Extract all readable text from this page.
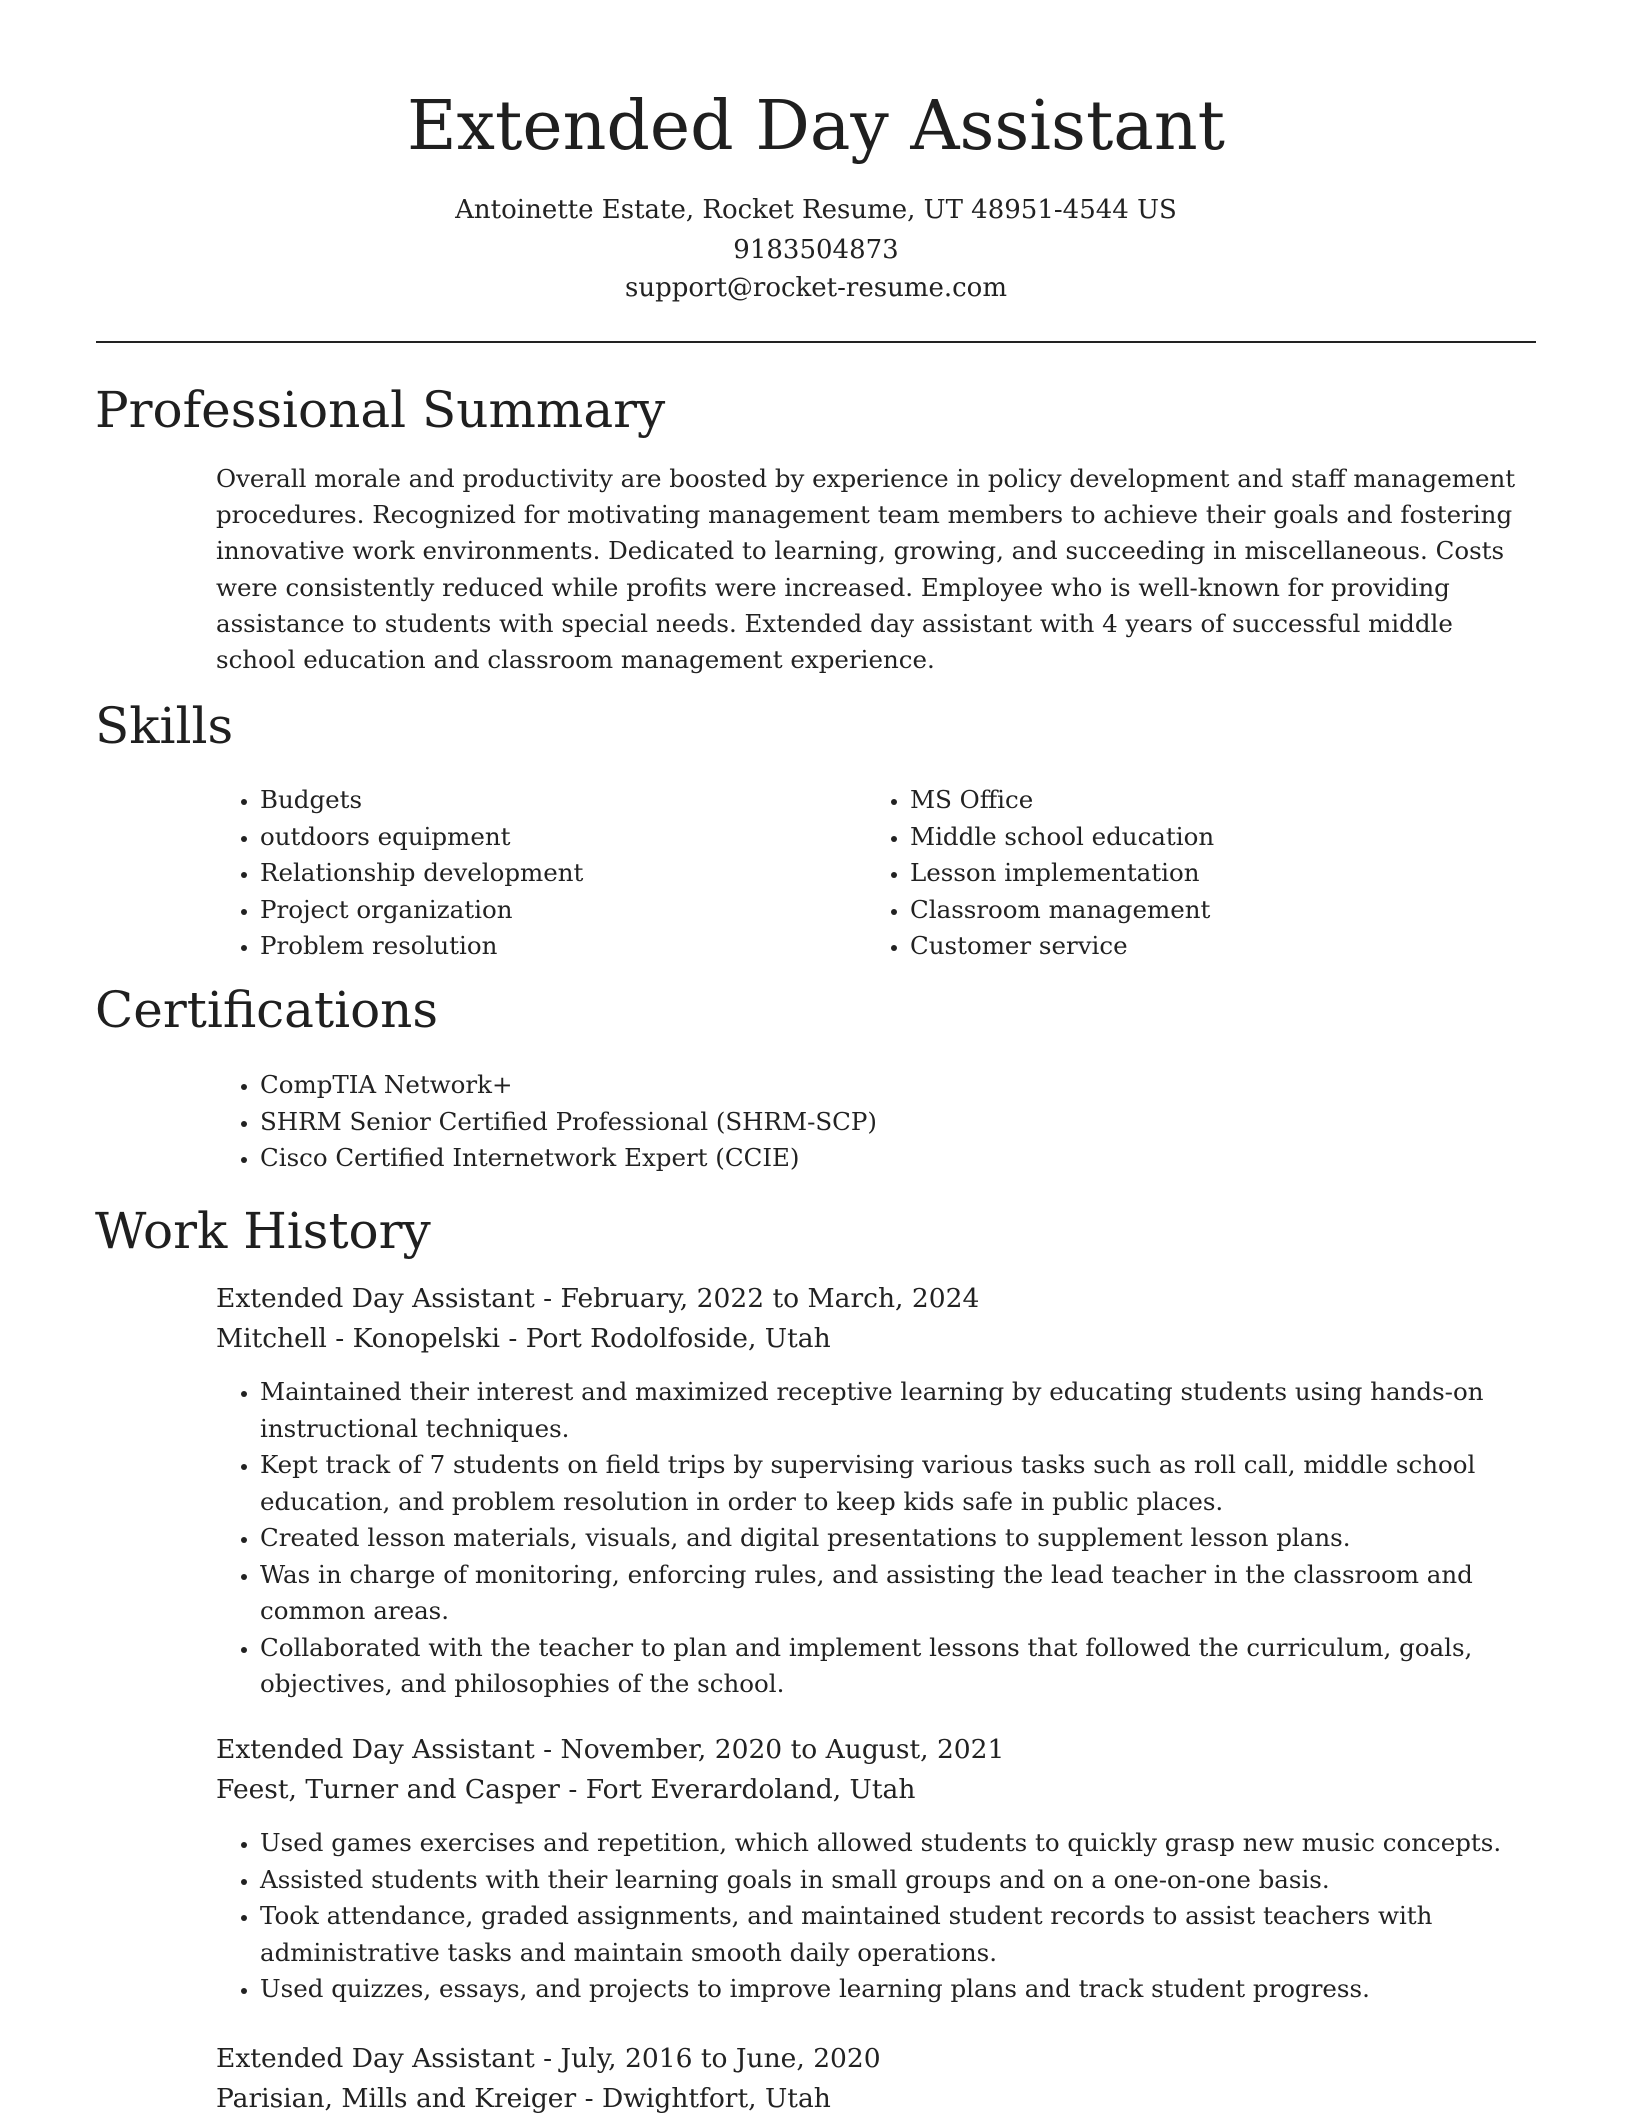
Extended Day Assistant
Antoinette Estate, Rocket Resume, UT 48951-4544 US
9183504873
support@rocket-resume.com
Professional Summary

Overall morale and productivity are boosted by experience in policy development and staff management procedures. Recognized for motivating management team members to achieve their goals and fostering innovative work environments. Dedicated to learning, growing, and succeeding in miscellaneous. Costs were consistently reduced while profits were increased. Employee who is well-known for providing assistance to students with special needs. Extended day assistant with 4 years of successful middle school education and classroom management experience.

Skills
• Budgets
• outdoors equipment
• Relationship development
• Project organization
• Problem resolution
• MS Office
• Middle school education
• Lesson implementation
• Classroom management
• Customer service
Certifications
• CompTIA Network+
• SHRM Senior Certified Professional (SHRM-SCP)
• Cisco Certified Internetwork Expert (CCIE)
Work History
Extended Day Assistant - February, 2022 to March, 2024
Mitchell - Konopelski - Port Rodolfoside, Utah
• Maintained their interest and maximized receptive learning by educating students using hands-on instructional techniques.
• Kept track of 7 students on field trips by supervising various tasks such as roll call, middle school education, and problem resolution in order to keep kids safe in public places.
• Created lesson materials, visuals, and digital presentations to supplement lesson plans.
• Was in charge of monitoring, enforcing rules, and assisting the lead teacher in the classroom and common areas.
• Collaborated with the teacher to plan and implement lessons that followed the curriculum, goals, objectives, and philosophies of the school.
Extended Day Assistant - November, 2020 to August, 2021
Feest, Turner and Casper - Fort Everardoland, Utah
• Used games exercises and repetition, which allowed students to quickly grasp new music concepts.
• Assisted students with their learning goals in small groups and on a one-on-one basis.
• Took attendance, graded assignments, and maintained student records to assist teachers with administrative tasks and maintain smooth daily operations.
• Used quizzes, essays, and projects to improve learning plans and track student progress.
Extended Day Assistant - July, 2016 to June, 2020
Parisian, Mills and Kreiger - Dwightfort, Utah
